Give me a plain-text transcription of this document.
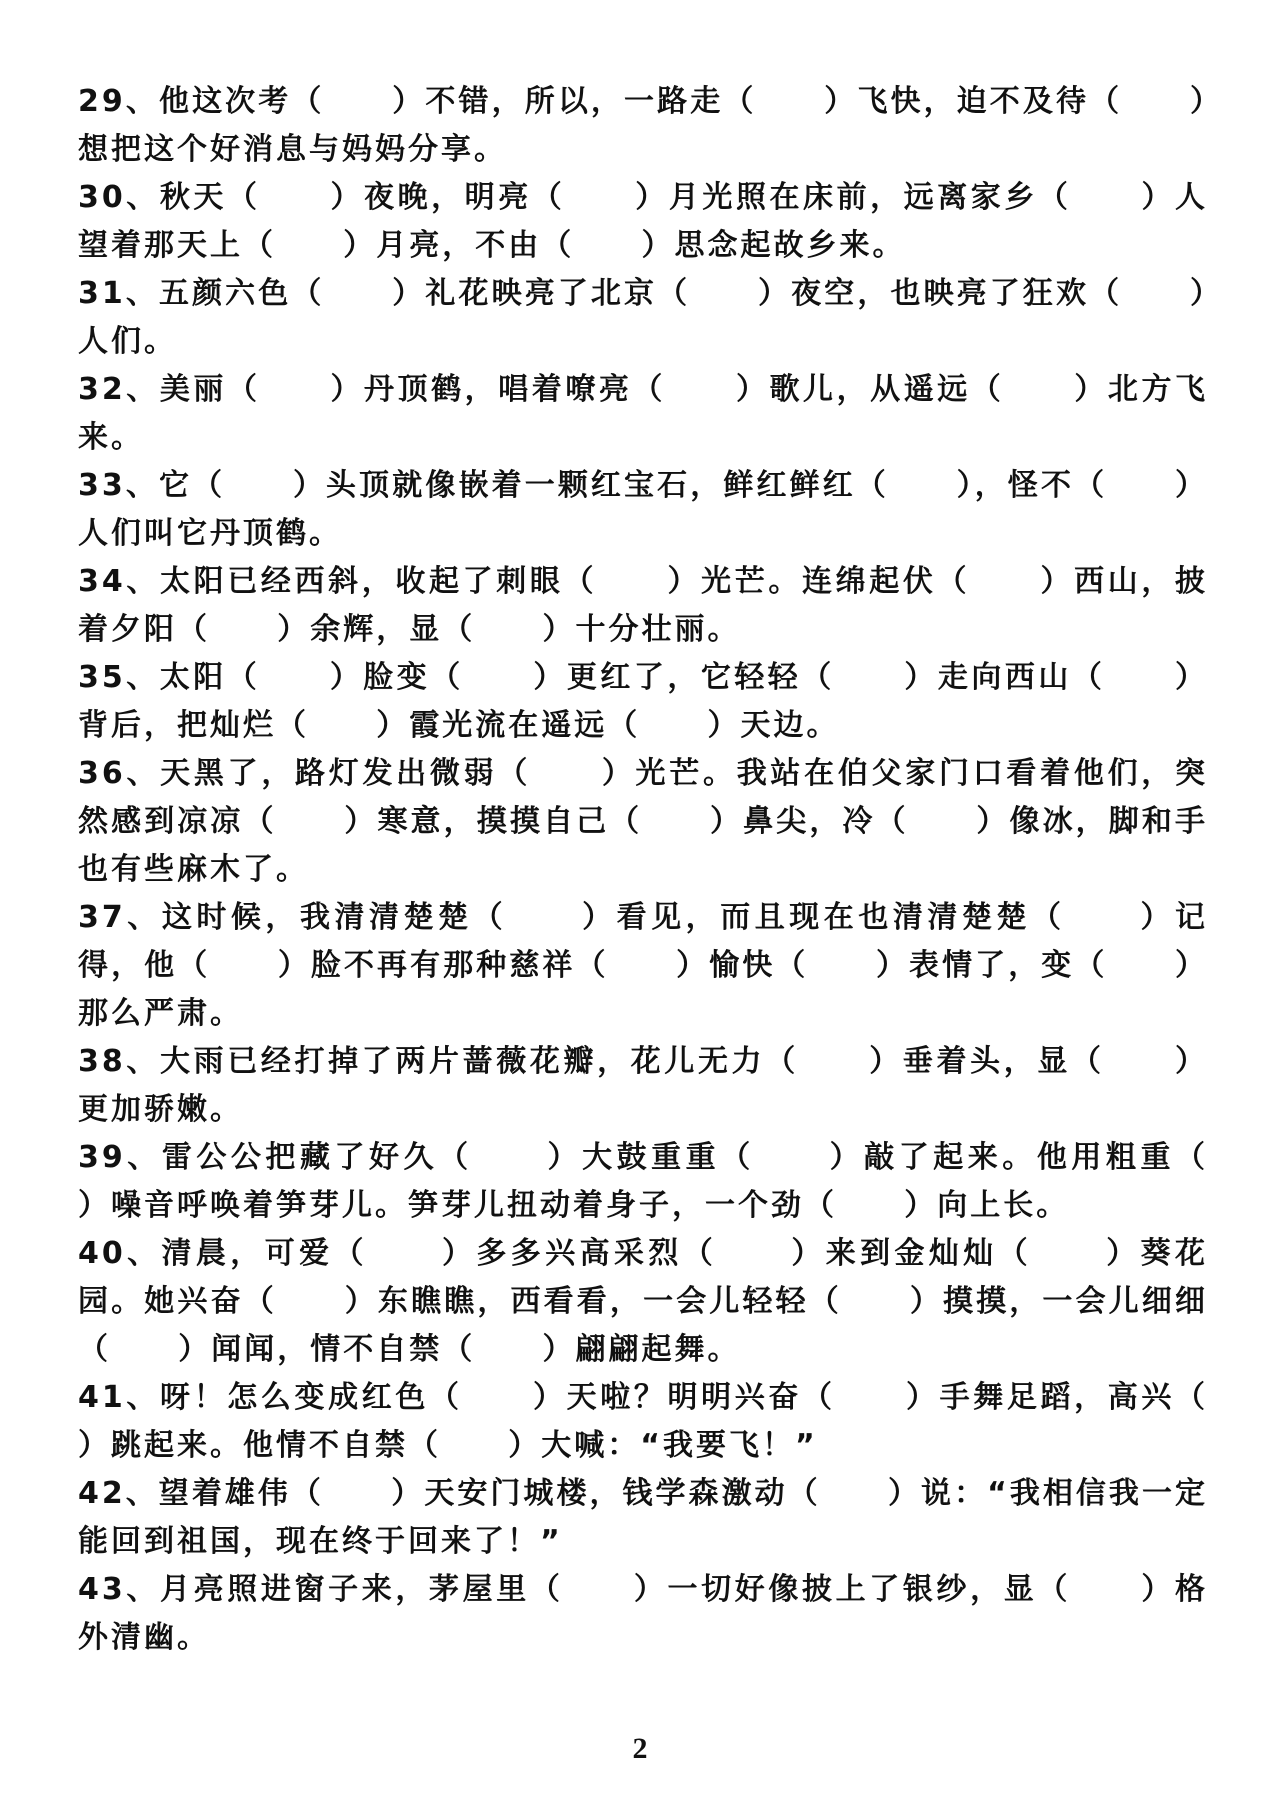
29、他这次考（     ）不错，所以，一路走（     ）飞快，迫不及待（     ）想把这个好消息与妈妈分享。

30、秋天（     ）夜晚，明亮（     ）月光照在床前，远离家乡（     ）人望着那天上（     ）月亮，不由（     ）思念起故乡来。

31、五颜六色（     ）礼花映亮了北京（     ）夜空，也映亮了狂欢（     ）人们。

32、美丽（     ）丹顶鹤，唱着嘹亮（     ）歌儿，从遥远（     ）北方飞来。

33、它（     ）头顶就像嵌着一颗红宝石，鲜红鲜红（     ），怪不（     ）人们叫它丹顶鹤。

34、太阳已经西斜，收起了刺眼（     ）光芒。连绵起伏（     ）西山，披着夕阳（     ）余辉，显（     ）十分壮丽。

35、太阳（     ）脸变（     ）更红了，它轻轻（     ）走向西山（     ）背后，把灿烂（     ）霞光流在遥远（     ）天边。

36、天黑了，路灯发出微弱（     ）光芒。我站在伯父家门口看着他们，突然感到凉凉（     ）寒意，摸摸自己（     ）鼻尖，冷（     ）像冰，脚和手也有些麻木了。

37、这时候，我清清楚楚（     ）看见，而且现在也清清楚楚（     ）记得，他（     ）脸不再有那种慈祥（     ）愉快（     ）表情了，变（     ）那么严肃。

38、大雨已经打掉了两片蔷薇花瓣，花儿无力（     ）垂着头，显（     ）更加骄嫩。

39、雷公公把藏了好久（     ）大鼓重重（     ）敲了起来。他用粗重（     ）噪音呼唤着笋芽儿。笋芽儿扭动着身子，一个劲（     ）向上长。

40、清晨，可爱（     ）多多兴高采烈（     ）来到金灿灿（     ）葵花园。她兴奋（     ）东瞧瞧，西看看，一会儿轻轻（     ）摸摸，一会儿细细（     ）闻闻，情不自禁（     ）翩翩起舞。

41、呀！怎么变成红色（     ）天啦？明明兴奋（     ）手舞足蹈，高兴（     ）跳起来。他情不自禁（     ）大喊：“我要飞！”

42、望着雄伟（     ）天安门城楼，钱学森激动（     ）说：“我相信我一定能回到祖国，现在终于回来了！”

43、月亮照进窗子来，茅屋里（     ）一切好像披上了银纱，显（     ）格外清幽。

2
